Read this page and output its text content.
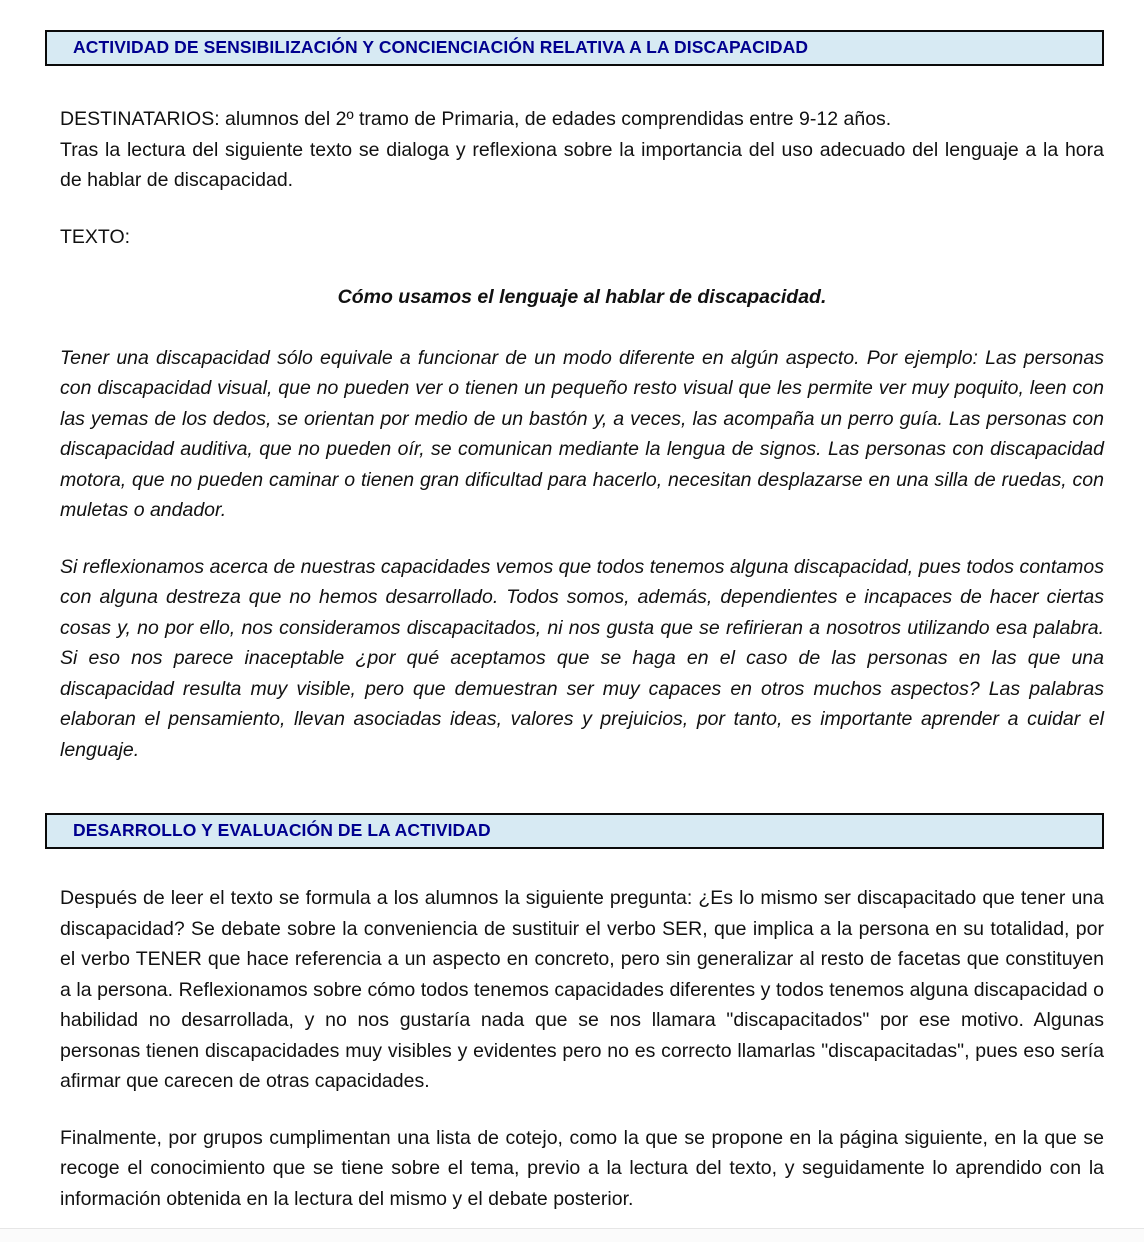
ACTIVIDAD DE SENSIBILIZACIÓN Y CONCIENCIACIÓN RELATIVA A LA DISCAPACIDAD

DESTINATARIOS: alumnos del 2º tramo de Primaria, de edades comprendidas entre 9-12 años.

Tras la lectura del siguiente texto se dialoga y reflexiona sobre la importancia del uso adecuado del lenguaje a la hora de hablar de discapacidad.

TEXTO:

Cómo usamos el lenguaje al hablar de discapacidad.

Tener una discapacidad sólo equivale a funcionar de un modo diferente en algún aspecto. Por ejemplo: Las personas con discapacidad visual, que no pueden ver o tienen un pequeño resto visual que les permite ver muy poquito, leen con las yemas de los dedos, se orientan por medio de un bastón y, a veces, las acompaña un perro guía. Las personas con discapacidad auditiva, que no pueden oír, se comunican mediante la lengua de signos. Las personas con discapacidad motora, que no pueden caminar o tienen gran dificultad para hacerlo, necesitan desplazarse en una silla de ruedas, con muletas o andador.

Si reflexionamos acerca de nuestras capacidades vemos que todos tenemos alguna discapacidad, pues todos contamos con alguna destreza que no hemos desarrollado. Todos somos, además, dependientes e incapaces de hacer ciertas cosas y, no por ello, nos consideramos discapacitados, ni nos gusta que se refirieran a nosotros utilizando esa palabra. Si eso nos parece inaceptable ¿por qué aceptamos que se haga en el caso de las personas en las que una discapacidad resulta muy visible, pero que demuestran ser muy capaces en otros muchos aspectos? Las palabras elaboran el pensamiento, llevan asociadas ideas, valores y prejuicios, por tanto, es importante aprender a cuidar el lenguaje.

DESARROLLO Y EVALUACIÓN DE LA ACTIVIDAD

Después de leer el texto se formula a los alumnos la siguiente pregunta: ¿Es lo mismo ser discapacitado que tener una discapacidad? Se debate sobre la conveniencia de sustituir el verbo SER, que implica a la persona en su totalidad, por el verbo TENER que hace referencia a un aspecto en concreto, pero sin generalizar al resto de facetas que constituyen a la persona. Reflexionamos sobre cómo todos tenemos capacidades diferentes y todos tenemos alguna discapacidad o habilidad no desarrollada, y no nos gustaría nada que se nos llamara "discapacitados" por ese motivo. Algunas personas tienen discapacidades muy visibles y evidentes pero no es correcto llamarlas "discapacitadas", pues eso sería afirmar que carecen de otras capacidades.

Finalmente, por grupos cumplimentan una lista de cotejo, como la que se propone en la página siguiente, en la que se recoge el conocimiento que se tiene sobre el tema, previo a la lectura del texto, y seguidamente lo aprendido con la información obtenida en la lectura del mismo y el debate posterior.
